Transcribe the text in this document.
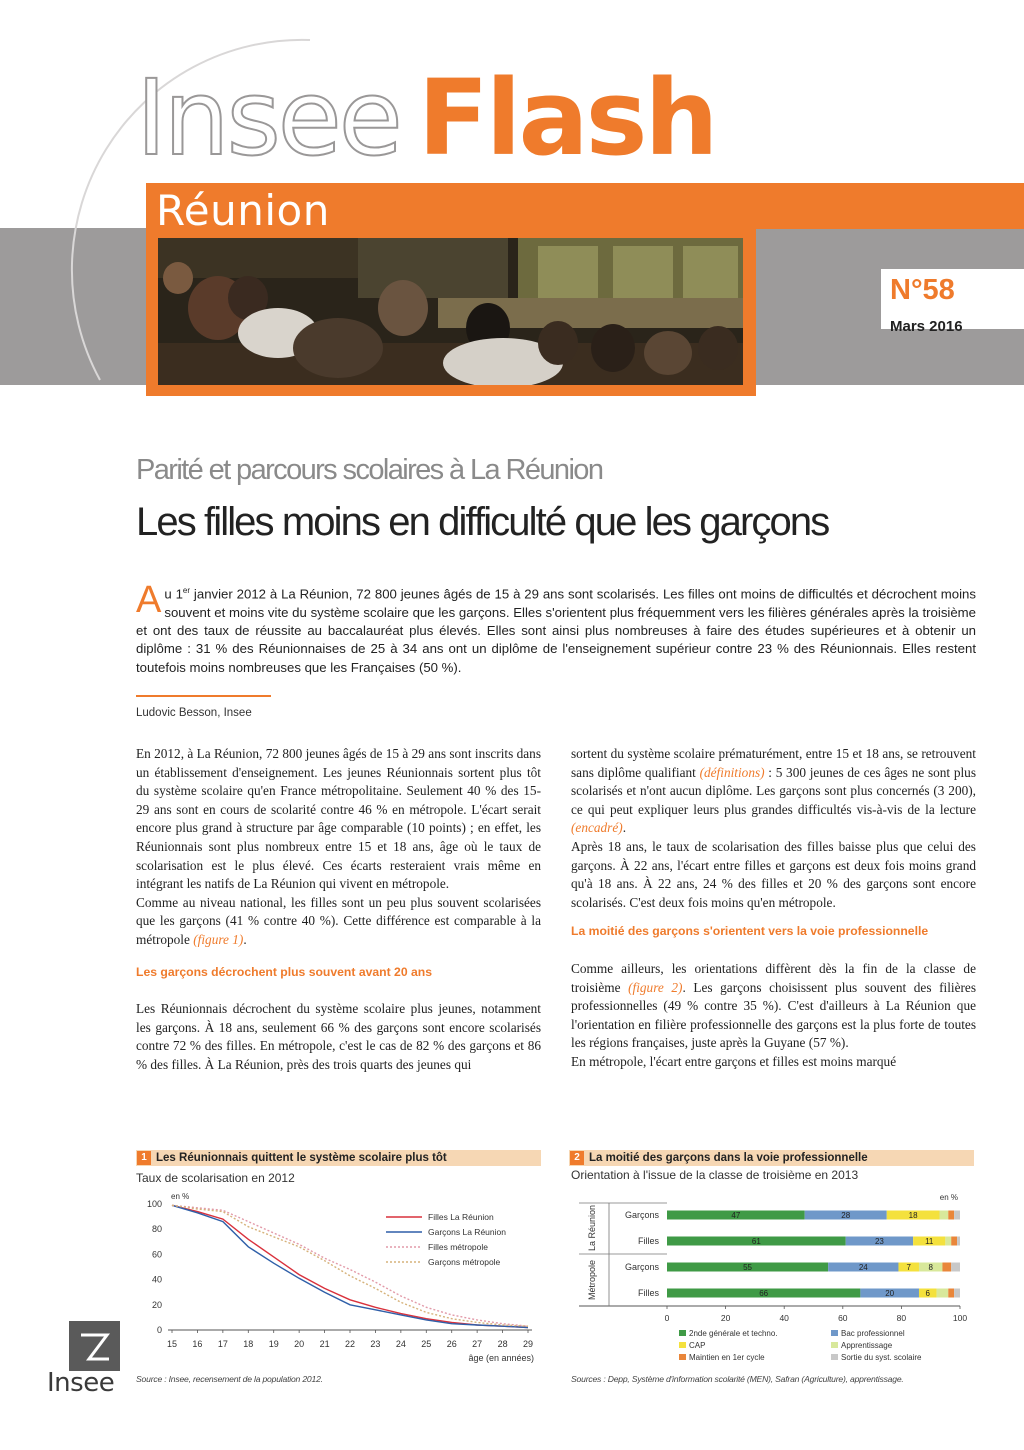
Insee Flash
Réunion
N°58
Mars 2016
Parité et parcours scolaires à La Réunion
Les filles moins en difficulté que les garçons
Au 1er janvier 2012 à La Réunion, 72 800 jeunes âgés de 15 à 29 ans sont scolarisés. Les filles ont moins de difficultés et décrochent moins souvent et moins vite du système scolaire que les garçons. Elles s'orientent plus fréquemment vers les filières générales après la troisième et ont des taux de réussite au baccalauréat plus élevés. Elles sont ainsi plus nombreuses à faire des études supérieures et à obtenir un diplôme : 31 % des Réunionnaises de 25 à 34 ans ont un diplôme de l'enseignement supérieur contre 23 % des Réunionnais. Elles restent toutefois moins nombreuses que les Françaises (50 %).
Ludovic Besson, Insee

En 2012, à La Réunion, 72 800 jeunes âgés de 15 à 29 ans sont inscrits dans un établissement d'enseignement. Les jeunes Réunionnais sortent plus tôt du système scolaire qu'en France métropolitaine. Seulement 40 % des 15-29 ans sont en cours de scolarité contre 46 % en métropole. L'écart serait encore plus grand à structure par âge comparable (10 points) ; en effet, les Réunionnais sont plus nombreux entre 15 et 18 ans, âge où le taux de scolarisation est le plus élevé. Ces écarts resteraient vrais même en intégrant les natifs de La Réunion qui vivent en métropole.

Comme au niveau national, les filles sont un peu plus souvent scolarisées que les garçons (41 % contre 40 %). Cette différence est comparable à la métropole (figure 1).

Les garçons décrochent plus souvent avant 20 ans

Les Réunionnais décrochent du système scolaire plus jeunes, notamment les garçons. À 18 ans, seulement 66 % des garçons sont encore scolarisés contre 72 % des filles. En métropole, c'est le cas de 82 % des garçons et 86 % des filles. À La Réunion, près des trois quarts des jeunes qui

sortent du système scolaire prématurément, entre 15 et 18 ans, se retrouvent sans diplôme qualifiant (définitions) : 5 300 jeunes de ces âges ne sont plus scolarisés et n'ont aucun diplôme. Les garçons sont plus concernés (3 200), ce qui peut expliquer leurs plus grandes difficultés vis-à-vis de la lecture (encadré).

Après 18 ans, le taux de scolarisation des filles baisse plus que celui des garçons. À 22 ans, l'écart entre filles et garçons est deux fois moins grand qu'à 18 ans. À 22 ans, 24 % des filles et 20 % des garçons sont encore scolarisés. C'est deux fois moins qu'en métropole.

La moitié des garçons s'orientent vers la voie professionnelle

Comme ailleurs, les orientations diffèrent dès la fin de la classe de troisième (figure 2). Les garçons choisissent plus souvent des filières professionnelles (49 % contre 35 %). C'est d'ailleurs à La Réunion que l'orientation en filière professionnelle des garçons est la plus forte de toutes les régions françaises, juste après la Guyane (57 %).

En métropole, l'écart entre garçons et filles est moins marqué

1 Les Réunionnais quittent le système scolaire plus tôt
Taux de scolarisation en 2012
en %
0
20
40
60
80
100
15 16 17 18 19 20 21 22 23 24 25 26 27 28 29
âge (en années)
Filles La Réunion
Garçons La Réunion
Filles métropole
Garçons métropole
Source : Insee, recensement de la population 2012.
2 La moitié des garçons dans la voie professionnelle
Orientation à l'issue de la classe de troisième en 2013
en %
La Réunion
Métropole
Garçons	47	28	18
Filles	61	23	11
Garçons	55	24	7 8
Filles	66	20	6
0	20	40	60	80	100
2nde générale et techno.	Bac professionnel
CAP	Apprentissage
Maintien en 1er cycle	Sortie du syst. scolaire
Sources : Depp, Système d'information scolarité (MEN), Safran (Agriculture), apprentissage.
Insee
